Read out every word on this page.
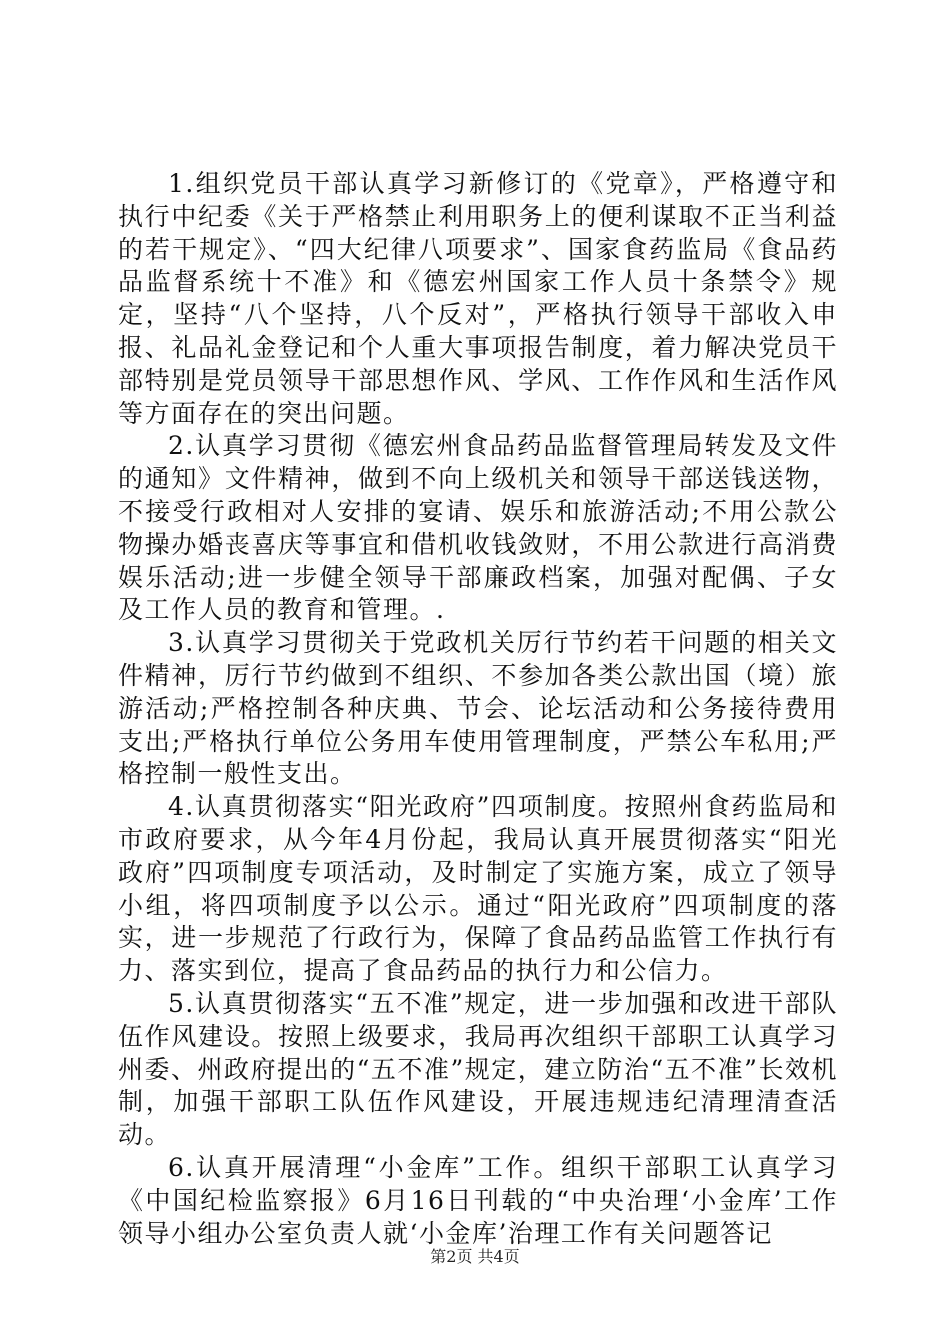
1.组织党员干部认真学习新修订的《党章》，严格遵守和执行中纪委《关于严格禁止利用职务上的便利谋取不正当利益的若干规定》、“四大纪律八项要求”、国家食药监局《食品药品监督系统十不准》和《德宏州国家工作人员十条禁令》规定，坚持“八个坚持，八个反对”，严格执行领导干部收入申报、礼品礼金登记和个人重大事项报告制度，着力解决党员干部特别是党员领导干部思想作风、学风、工作作风和生活作风等方面存在的突出问题。

2.认真学习贯彻《德宏州食品药品监督管理局转发及文件的通知》文件精神，做到不向上级机关和领导干部送钱送物，不接受行政相对人安排的宴请、娱乐和旅游活动;不用公款公物操办婚丧喜庆等事宜和借机收钱敛财，不用公款进行高消费娱乐活动;进一步健全领导干部廉政档案，加强对配偶、子女及工作人员的教育和管理。.

3.认真学习贯彻关于党政机关厉行节约若干问题的相关文件精神，厉行节约做到不组织、不参加各类公款出国（境）旅游活动;严格控制各种庆典、节会、论坛活动和公务接待费用支出;严格执行单位公务用车使用管理制度，严禁公车私用;严格控制一般性支出。

4.认真贯彻落实“阳光政府”四项制度。按照州食药监局和市政府要求，从今年4月份起，我局认真开展贯彻落实“阳光政府”四项制度专项活动，及时制定了实施方案，成立了领导小组，将四项制度予以公示。通过“阳光政府”四项制度的落实，进一步规范了行政行为，保障了食品药品监管工作执行有力、落实到位，提高了食品药品的执行力和公信力。

5.认真贯彻落实“五不准”规定，进一步加强和改进干部队伍作风建设。按照上级要求，我局再次组织干部职工认真学习州委、州政府提出的“五不准”规定，建立防治“五不准”长效机制，加强干部职工队伍作风建设，开展违规违纪清理清查活动。

6.认真开展清理“小金库”工作。组织干部职工认真学习《中国纪检监察报》6月16日刊载的“中央治理‘小金库’工作领导小组办公室负责人就‘小金库’治理工作有关问题答记

第2页 共4页
